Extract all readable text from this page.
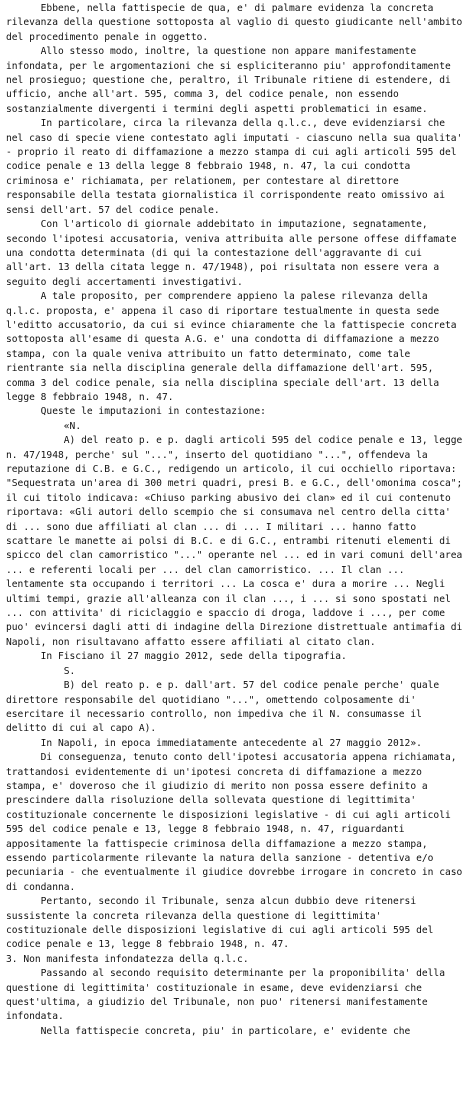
Ebbene, nella fattispecie de qua, e' di palmare evidenza la concreta rilevanza della questione sottoposta al vaglio di questo giudicante nell'ambito del procedimento penale in oggetto.

Allo stesso modo, inoltre, la questione non appare manifestamente infondata, per le argomentazioni che si espliciteranno piu' approfonditamente nel prosieguo; questione che, peraltro, il Tribunale ritiene di estendere, di ufficio, anche all'art. 595, comma 3, del codice penale, non essendo sostanzialmente divergenti i termini degli aspetti problematici in esame.

In particolare, circa la rilevanza della q.l.c., deve evidenziarsi che nel caso di specie viene contestato agli imputati - ciascuno nella sua qualita' - proprio il reato di diffamazione a mezzo stampa di cui agli articoli 595 del codice penale e 13 della legge 8 febbraio 1948, n. 47, la cui condotta criminosa e' richiamata, per relationem, per contestare al direttore responsabile della testata giornalistica il corrispondente reato omissivo ai sensi dell'art. 57 del codice penale.

Con l'articolo di giornale addebitato in imputazione, segnatamente, secondo l'ipotesi accusatoria, veniva attribuita alle persone offese diffamate una condotta determinata (di qui la contestazione dell'aggravante di cui all'art. 13 della citata legge n. 47/1948), poi risultata non essere vera a seguito degli accertamenti investigativi.

A tale proposito, per comprendere appieno la palese rilevanza della q.l.c. proposta, e' appena il caso di riportare testualmente in questa sede l'editto accusatorio, da cui si evince chiaramente che la fattispecie concreta sottoposta all'esame di questa A.G. e' una condotta di diffamazione a mezzo stampa, con la quale veniva attribuito un fatto determinato, come tale rientrante sia nella disciplina generale della diffamazione dell'art. 595, comma 3 del codice penale, sia nella disciplina speciale dell'art. 13 della legge 8 febbraio 1948, n. 47.

Queste le imputazioni in contestazione:

«N.

A) del reato p. e p. dagli articoli 595 del codice penale e 13, legge n. 47/1948, perche' sul "...", inserto del quotidiano "...", offendeva la reputazione di C.B. e G.C., redigendo un articolo, il cui occhiello riportava: "Sequestrata un'area di 300 metri quadri, presi B. e G.C., dell'omonima cosca"; il cui titolo indicava: «Chiuso parking abusivo dei clan» ed il cui contenuto riportava: «Gli autori dello scempio che si consumava nel centro della citta' di ... sono due affiliati al clan ... di ... I militari ... hanno fatto scattare le manette ai polsi di B.C. e di G.C., entrambi ritenuti elementi di spicco del clan camorristico "..." operante nel ... ed in vari comuni dell'area ... e referenti locali per ... del clan camorristico. ... Il clan ... lentamente sta occupando i territori ... La cosca e' dura a morire ... Negli ultimi tempi, grazie all'alleanza con il clan ..., i ... si sono spostati nel ... con attivita' di riciclaggio e spaccio di droga, laddove i ..., per come puo' evincersi dagli atti di indagine della Direzione distrettuale antimafia di Napoli, non risultavano affatto essere affiliati al citato clan.

In Fisciano il 27 maggio 2012, sede della tipografia.

S.

B) del reato p. e p. dall'art. 57 del codice penale perche' quale direttore responsabile del quotidiano "...", omettendo colposamente di' esercitare il necessario controllo, non impediva che il N. consumasse il delitto di cui al capo A).

In Napoli, in epoca immediatamente antecedente al 27 maggio 2012».

Di conseguenza, tenuto conto dell'ipotesi accusatoria appena richiamata, trattandosi evidentemente di un'ipotesi concreta di diffamazione a mezzo stampa, e' doveroso che il giudizio di merito non possa essere definito a prescindere dalla risoluzione della sollevata questione di legittimita' costituzionale concernente le disposizioni legislative - di cui agli articoli 595 del codice penale e 13, legge 8 febbraio 1948, n. 47, riguardanti appositamente la fattispecie criminosa della diffamazione a mezzo stampa, essendo particolarmente rilevante la natura della sanzione - detentiva e/o pecuniaria - che eventualmente il giudice dovrebbe irrogare in concreto in caso di condanna.

Pertanto, secondo il Tribunale, senza alcun dubbio deve ritenersi sussistente la concreta rilevanza della questione di legittimita' costituzionale delle disposizioni legislative di cui agli articoli 595 del codice penale e 13, legge 8 febbraio 1948, n. 47.

3. Non manifesta infondatezza della q.l.c.

Passando al secondo requisito determinante per la proponibilita' della questione di legittimita' costituzionale in esame, deve evidenziarsi che quest'ultima, a giudizio del Tribunale, non puo' ritenersi manifestamente infondata.

Nella fattispecie concreta, piu' in particolare, e' evidente che
